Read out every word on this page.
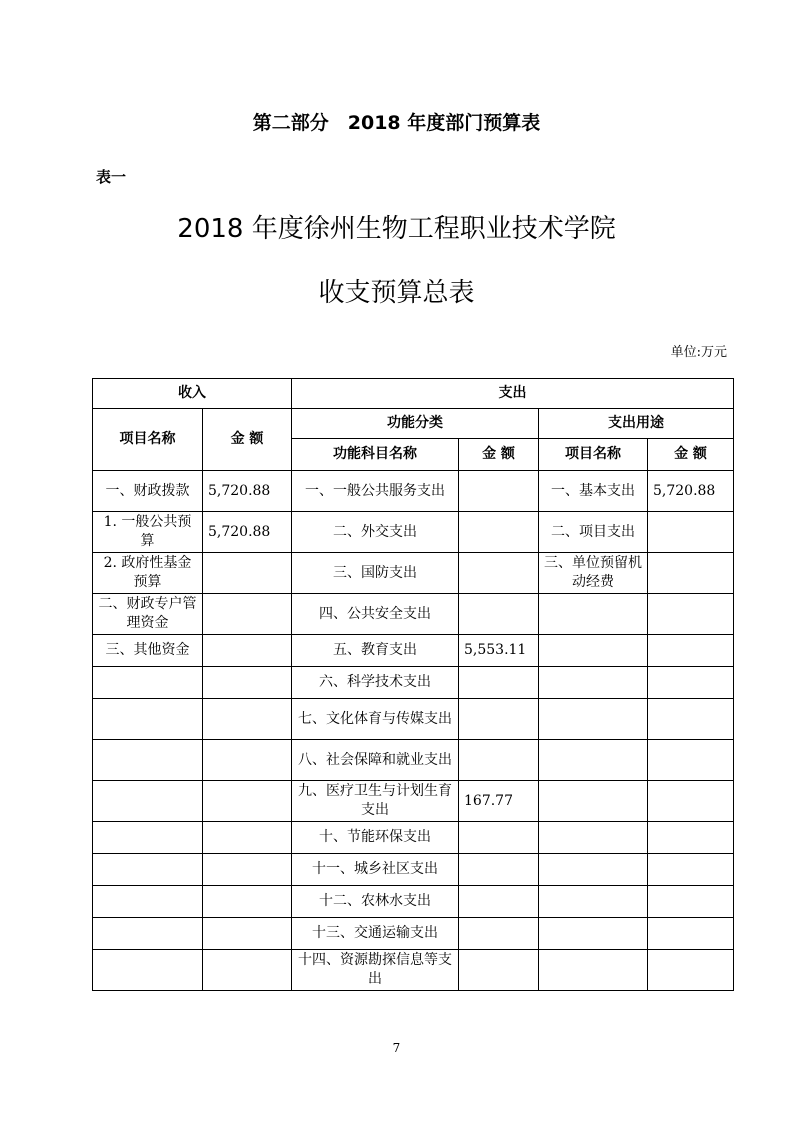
第二部分　2018 年度部门预算表
表一
2018 年度徐州生物工程职业技术学院
收支预算总表
单位:万元
收入		支出			
项目名称	金 额	功能分类		支出用途	
		功能科目名称	金 额	项目名称	金 额
一、财政拨款	5,720.88	一、一般公共服务支出		一、基本支出	5,720.88
1. 一般公共预算	5,720.88	二、外交支出		二、项目支出	
2. 政府性基金预算		三、国防支出		三、单位预留机动经费	
二、财政专户管理资金		四、公共安全支出			
三、其他资金		五、教育支出	5,553.11		
		六、科学技术支出			
		七、文化体育与传媒支出			
		八、社会保障和就业支出			
		九、医疗卫生与计划生育支出	167.77		
		十、节能环保支出			
		十一、城乡社区支出			
		十二、农林水支出			
		十三、交通运输支出			
		十四、资源勘探信息等支出			
7
